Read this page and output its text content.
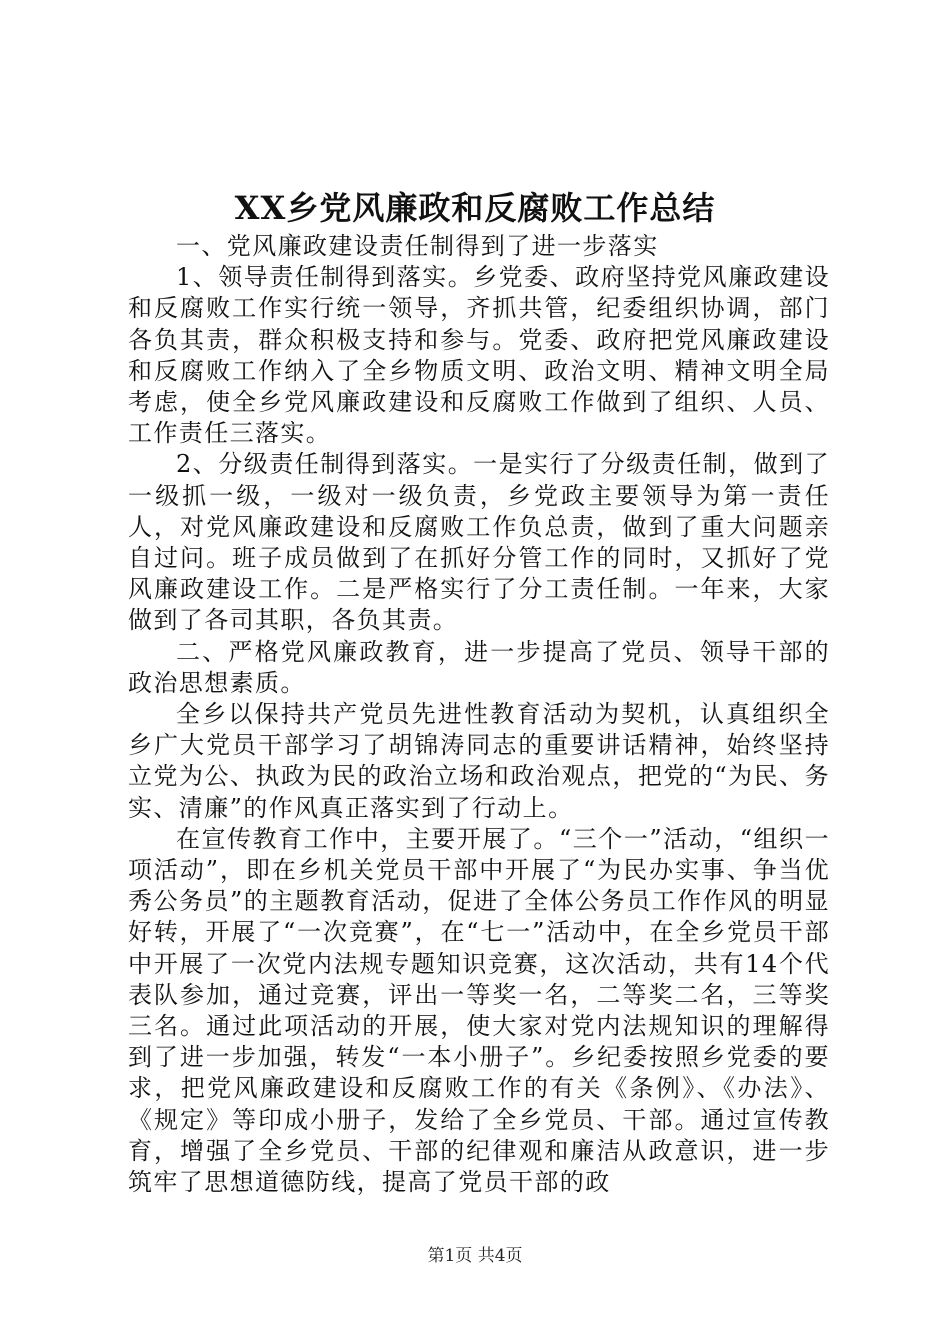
XX乡党风廉政和反腐败工作总结

一、党风廉政建设责任制得到了进一步落实

1、领导责任制得到落实。乡党委、政府坚持党风廉政建设和反腐败工作实行统一领导，齐抓共管，纪委组织协调，部门各负其责，群众积极支持和参与。党委、政府把党风廉政建设和反腐败工作纳入了全乡物质文明、政治文明、精神文明全局考虑，使全乡党风廉政建设和反腐败工作做到了组织、人员、工作责任三落实。

2、分级责任制得到落实。一是实行了分级责任制，做到了一级抓一级，一级对一级负责，乡党政主要领导为第一责任人，对党风廉政建设和反腐败工作负总责，做到了重大问题亲自过问。班子成员做到了在抓好分管工作的同时，又抓好了党风廉政建设工作。二是严格实行了分工责任制。一年来，大家做到了各司其职，各负其责。

二、严格党风廉政教育，进一步提高了党员、领导干部的政治思想素质。

全乡以保持共产党员先进性教育活动为契机，认真组织全乡广大党员干部学习了胡锦涛同志的重要讲话精神，始终坚持立党为公、执政为民的政治立场和政治观点，把党的“为民、务实、清廉”的作风真正落实到了行动上。

在宣传教育工作中，主要开展了。“三个一”活动，“组织一项活动”，即在乡机关党员干部中开展了“为民办实事、争当优秀公务员”的主题教育活动，促进了全体公务员工作作风的明显好转，开展了“一次竞赛”，在“七一”活动中，在全乡党员干部中开展了一次党内法规专题知识竞赛，这次活动，共有14个代表队参加，通过竞赛，评出一等奖一名，二等奖二名，三等奖三名。通过此项活动的开展，使大家对党内法规知识的理解得到了进一步加强，转发“一本小册子”。乡纪委按照乡党委的要求，把党风廉政建设和反腐败工作的有关《条例》、《办法》、《规定》等印成小册子，发给了全乡党员、干部。通过宣传教育，增强了全乡党员、干部的纪律观和廉洁从政意识，进一步筑牢了思想道德防线，提高了党员干部的政

第1页 共4页
